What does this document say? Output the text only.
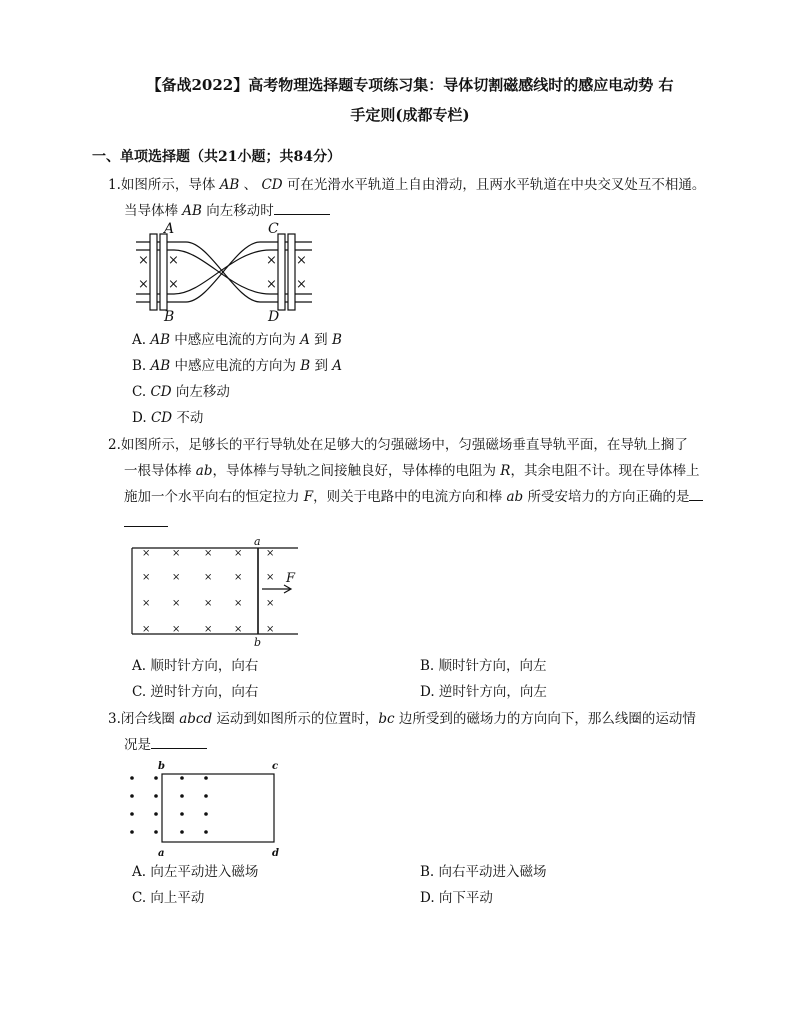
【备战2022】高考物理选择题专项练习集：导体切割磁感线时的感应电动势 右
手定则(成都专栏)
一、单项选择题（共21小题；共84分）
1.如图所示，导体 AB 、 CD 可在光滑水平轨道上自由滑动，且两水平轨道在中央交叉处互不相通。
当导体棒 AB 向左移动时
×
×
×
×
×
×
×
×
A
B
C
D
A. AB 中感应电流的方向为 A 到 B
B. AB 中感应电流的方向为 B 到 A
C. CD 向左移动
D. CD 不动
2.如图所示，足够长的平行导轨处在足够大的匀强磁场中，匀强磁场垂直导轨平面，在导轨上搁了
一根导体棒 ab，导体棒与导轨之间接触良好，导体棒的电阻为 R，其余电阻不计。现在导体棒上
施加一个水平向右的恒定拉力 F，则关于电路中的电流方向和棒 ab 所受安培力的方向正确的是
× × × × ×
× × × × ×
× × × × ×
× × × × ×
a
b
F
A. 顺时针方向，向右	B. 顺时针方向，向左
C. 逆时针方向，向右	D. 逆时针方向，向左
3.闭合线圈 abcd 运动到如图所示的位置时，bc 边所受到的磁场力的方向向下，那么线圈的运动情
况是
b	c
a	d
A. 向左平动进入磁场	B. 向右平动进入磁场
C. 向上平动	D. 向下平动
